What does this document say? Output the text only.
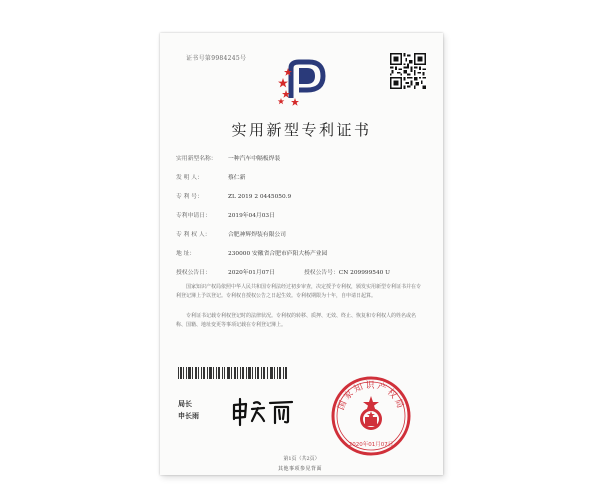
证书号第9984245号
实用新型专利证书
实用新型名称： 一种汽车中隔板焊装
发 明 人：	蔡仁新
专 利 号：	ZL 2019 2 0445050.9
专利申请日：	2019年04月03日
专 利 权 人：	合肥神辉焊装有限公司
地 址：	230000 安徽省合肥市庐阳大杨产业园
授权公告日：	2020年01月07日	授权公告号：CN 209999540 U

国家知识产权局依照中华人民共和国专利法经过初步审查，决定授予专利权，颁发实用新型专利证书并在专利登记簿上予以登记。专利权自授权公告之日起生效。专利权期限为十年，自申请日起算。

专利证书记载专利权登记时的法律状况。专利权的转移、质押、无效、终止、恢复和专利权人的姓名或名称、国籍、地址变更等事项记载在专利登记簿上。

局长
申长雨
国家知识产权局
2020年01月07日
第1页（共2页）
其他事项参见背面
